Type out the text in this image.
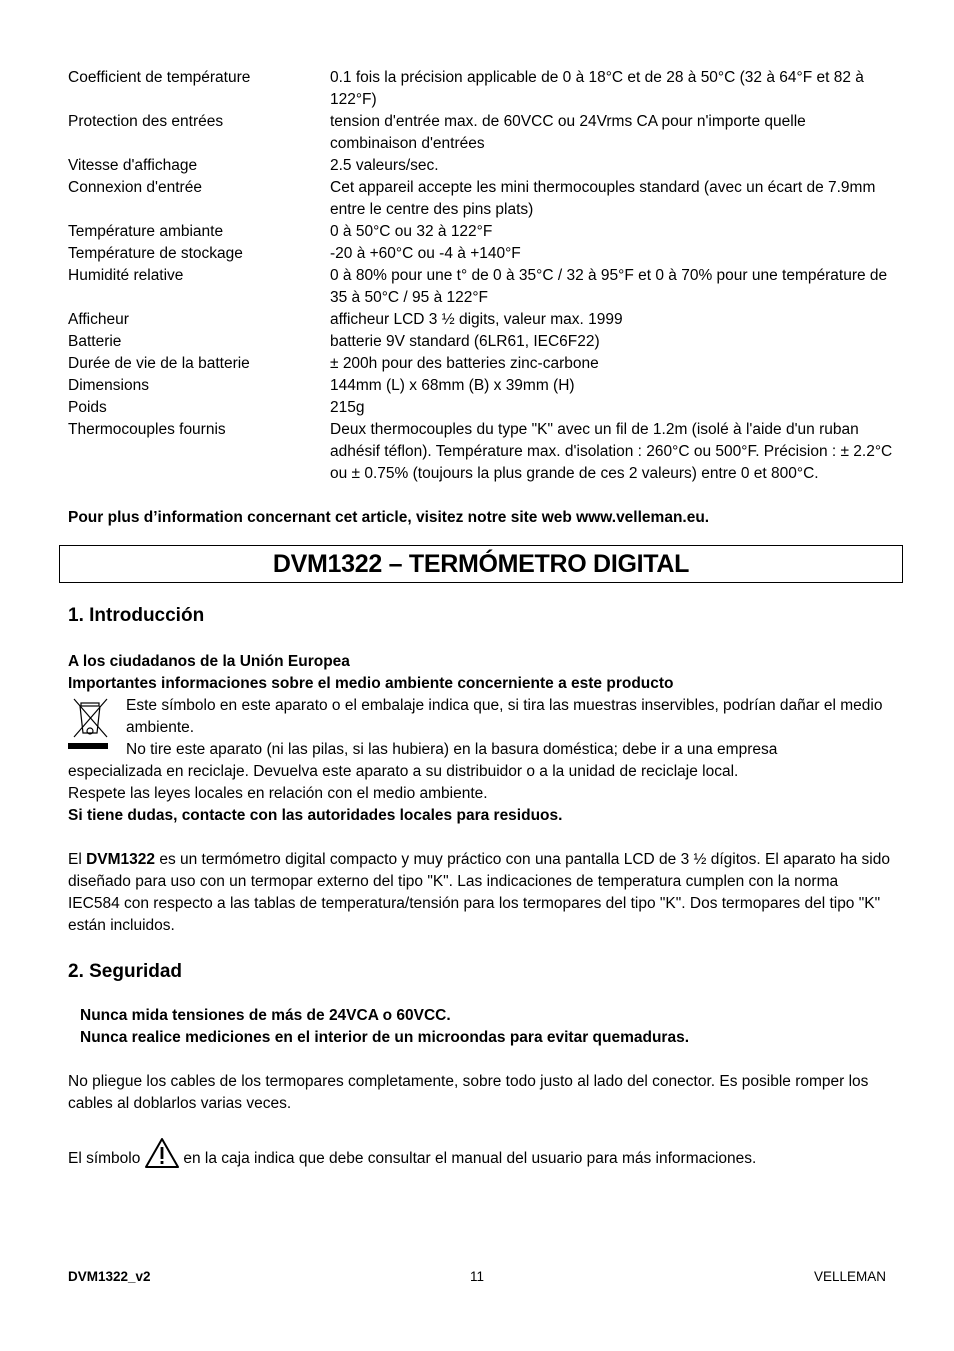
Coefficient de température	0.1 fois la précision applicable de 0 à 18°C et de 28 à 50°C (32 à 64°F et 82 à 122°F)
Protection des entrées	tension d'entrée max. de 60VCC ou 24Vrms CA pour n'importe quelle combinaison d'entrées
Vitesse d'affichage	2.5 valeurs/sec.
Connexion d'entrée	Cet appareil accepte les mini thermocouples standard (avec un écart de 7.9mm entre le centre des pins plats)
Température ambiante	0 à 50°C ou 32 à 122°F
Température de stockage	-20 à +60°C ou -4 à +140°F
Humidité relative	0 à 80% pour une t° de 0 à 35°C / 32 à 95°F et 0 à 70% pour une température de 35 à 50°C / 95 à 122°F
Afficheur	afficheur LCD 3 ½ digits, valeur max. 1999
Batterie	batterie 9V standard (6LR61, IEC6F22)
Durée de vie de la batterie	± 200h pour des batteries zinc-carbone
Dimensions	144mm (L) x 68mm (B) x 39mm (H)
Poids	215g
Thermocouples fournis	Deux thermocouples du type "K" avec un fil de 1.2m (isolé à l'aide d'un ruban adhésif téflon). Température max. d'isolation : 260°C ou 500°F. Précision : ± 2.2°C ou ± 0.75% (toujours la plus grande de ces 2 valeurs) entre 0 et 800°C.

Pour plus d’information concernant cet article, visitez notre site web www.velleman.eu.

DVM1322 – TERMÓMETRO DIGITAL
1. Introducción

A los ciudadanos de la Unión Europea

Importantes informaciones sobre el medio ambiente concerniente a este producto

Este símbolo en este aparato o el embalaje indica que, si tira las muestras inservibles, podrían dañar el medio ambiente.

No tire este aparato (ni las pilas, si las hubiera) en la basura doméstica; debe ir a una empresa

especializada en reciclaje. Devuelva este aparato a su distribuidor o a la unidad de reciclaje local.

Respete las leyes locales en relación con el medio ambiente.

Si tiene dudas, contacte con las autoridades locales para residuos.

El DVM1322 es un termómetro digital compacto y muy práctico con una pantalla LCD de 3 ½ dígitos. El aparato ha sido diseñado para uso con un termopar externo del tipo "K". Las indicaciones de temperatura cumplen con la norma IEC584 con respecto a las tablas de temperatura/tensión para los termopares del tipo "K". Dos termopares del tipo "K" están incluidos.

2. Seguridad

Nunca mida tensiones de más de 24VCA o 60VCC.

Nunca realice mediciones en el interior de un microondas para evitar quemaduras.

No pliegue los cables de los termopares completamente, sobre todo justo al lado del conector. Es posible romper los cables al doblarlos varias veces.

El símbolo	en la caja indica que debe consultar el manual del usuario para más informaciones.

DVM1322_v2	11	VELLEMAN
